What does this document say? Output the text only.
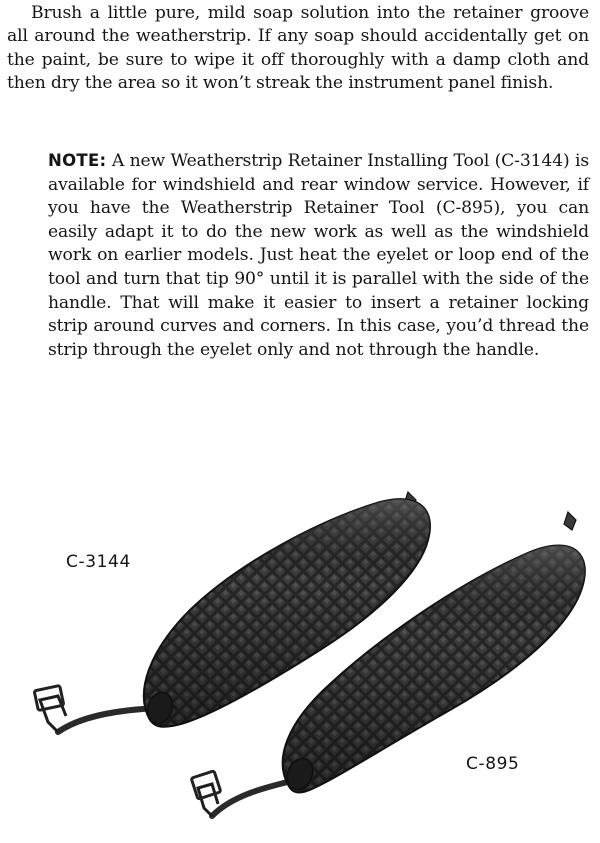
Brush a little pure, mild soap solution into the retainer groove all around the weatherstrip. If any soap should accidentally get on the paint, be sure to wipe it off thoroughly with a damp cloth and then dry the area so it won’t streak the instrument panel finish.

NOTE: A new Weatherstrip Retainer Installing Tool (C-3144) is available for windshield and rear window service. However, if you have the Weatherstrip Retainer Tool (C-895), you can easily adapt it to do the new work as well as the windshield work on earlier models. Just heat the eyelet or loop end of the tool and turn that tip 90° until it is parallel with the side of the handle. That will make it easier to insert a retainer locking strip around curves and corners. In this case, you’d thread the strip through the eyelet only and not through the handle.

C-3144
C-895
